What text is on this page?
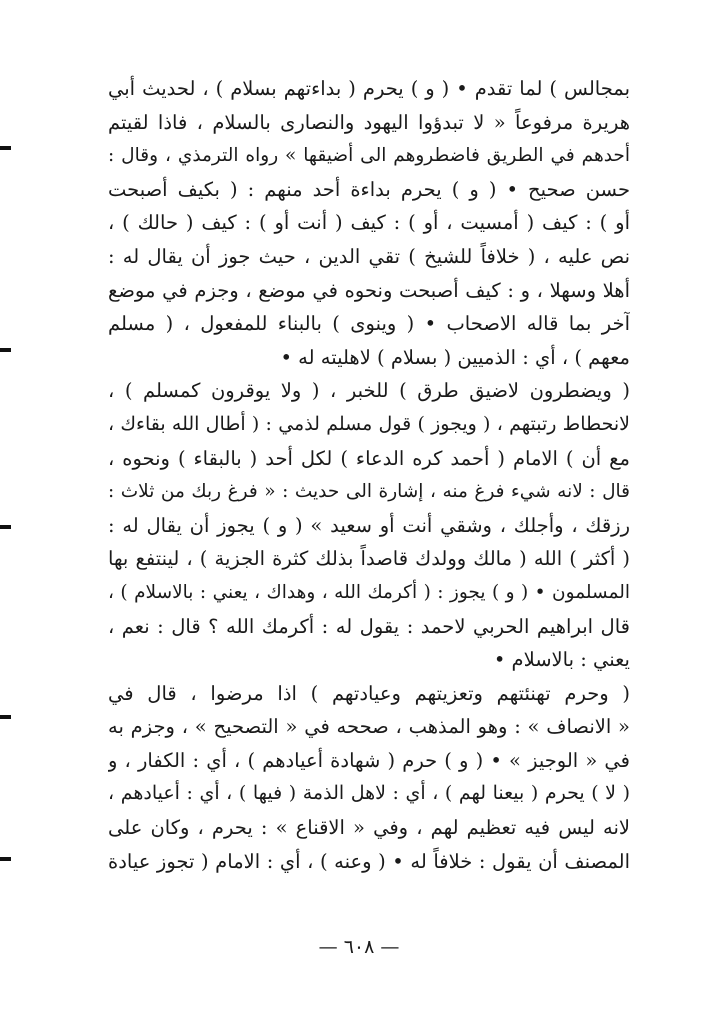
بمجالس ) لما تقدم • ( و ) يحرم ( بداءتهم بسلام ) ، لحديث أبي
هريرة مرفوعاً « لا تبدؤوا اليهود والنصارى بالسلام ، فاذا لقيتم
أحدهم في الطريق فاضطروهم الى أضيقها » رواه الترمذي ، وقال :
حسن صحيح • ( و ) يحرم بداءة أحد منهم : ( بكيف أصبحت
أو ) : كيف ( أمسيت ، أو ) : كيف ( أنت أو ) : كيف ( حالك ) ،
نص عليه ، ( خلافاً للشيخ ) تقي الدين ، حيث جوز أن يقال له :
أهلا وسهلا ، و : كيف أصبحت ونحوه في موضع ، وجزم في موضع
آخر بما قاله الاصحاب • ( وينوى ) بالبناء للمفعول ، ( مسلم
معهم ) ، أي : الذميين ( بسلام ) لاهليته له •
( ويضطرون لاضيق طرق ) للخبر ، ( ولا يوقرون كمسلم ) ،
لانحطاط رتبتهم ، ( ويجوز ) قول مسلم لذمي : ( أطال الله بقاءك ،
مع أن ) الامام ( أحمد كره الدعاء ) لكل أحد ( بالبقاء ) ونحوه ،
قال : لانه شيء فرغ منه ، إشارة الى حديث : « فرغ ربك من ثلاث :
رزقك ، وأجلك ، وشقي أنت أو سعيد » ( و ) يجوز أن يقال له :
( أكثر ) الله ( مالك وولدك قاصداً بذلك كثرة الجزية ) ، لينتفع بها
المسلمون • ( و ) يجوز : ( أكرمك الله ، وهداك ، يعني : بالاسلام ) ،
قال ابراهيم الحربي لاحمد : يقول له : أكرمك الله ؟ قال : نعم ،
يعني : بالاسلام •
( وحرم تهنئتهم وتعزيتهم وعيادتهم ) اذا مرضوا ، قال في
« الانصاف » : وهو المذهب ، صححه في « التصحيح » ، وجزم به
في « الوجيز » • ( و ) حرم ( شهادة أعيادهم ) ، أي : الكفار ، و
( لا ) يحرم ( بيعنا لهم ) ، أي : لاهل الذمة ( فيها ) ، أي : أعيادهم ،
لانه ليس فيه تعظيم لهم ، وفي « الاقناع » : يحرم ، وكان على
المصنف أن يقول : خلافاً له • ( وعنه ) ، أي : الامام ( تجوز عيادة
— ٦٠٨ —
